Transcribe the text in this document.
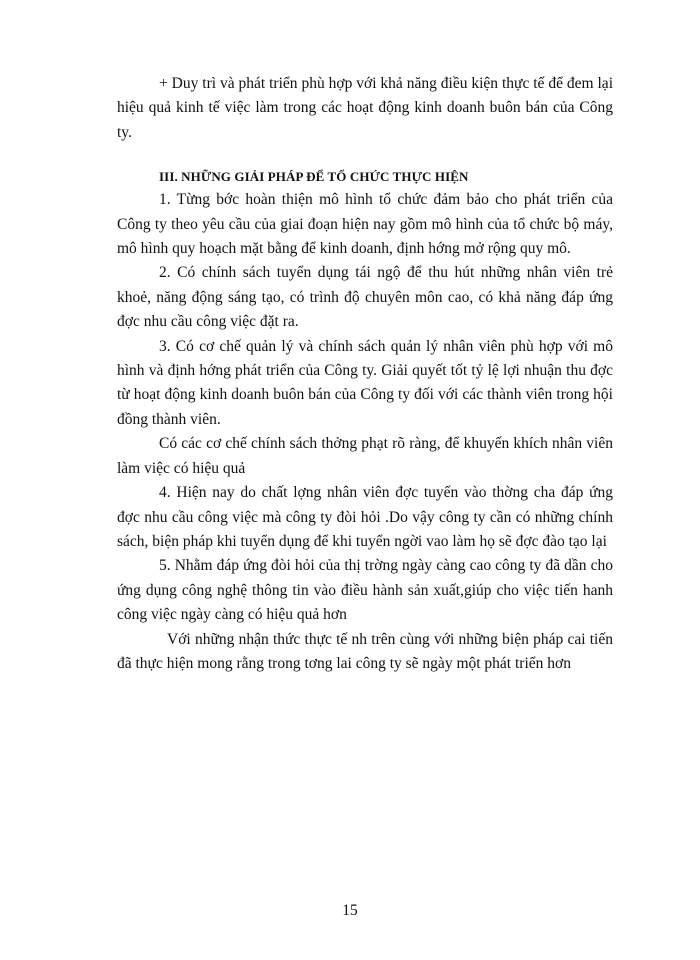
+ Duy trì và phát triển phù hợp với khả năng điều kiện thực tế để đem lại hiệu quả kinh tế việc làm trong các hoạt động kinh doanh buôn bán của Công ty.

III. NHỮNG GIẢI PHÁP ĐỂ TỔ CHỨC THỰC HIỆN

1. Từng bớc hoàn thiện mô hình tổ chức đảm bảo cho phát triển của Công ty theo yêu cầu của giai đoạn hiện nay gồm mô hình của tổ chức bộ máy, mô hình quy hoạch mặt bằng để kinh doanh, định hớng mở rộng quy mô.

2. Có chính sách tuyển dụng tái ngộ để thu hút những nhân viên trẻ khoẻ, năng động sáng tạo, có trình độ chuyên môn cao, có khả năng đáp ứng đợc nhu cầu công việc đặt ra.

3. Có cơ chế quản lý và chính sách quản lý nhân viên phù hợp với mô hình và định hớng phát triển của Công ty. Giải quyết tốt tỷ lệ lợi nhuận thu đợc từ hoạt động kinh doanh buôn bán của Công ty đối với các thành viên trong hội đồng thành viên.

Có các cơ chế chính sách thởng phạt rõ ràng, để khuyến khích nhân viên làm việc có hiệu quả

4. Hiện nay do chất lợng nhân viên đợc tuyển vào thờng cha đáp ứng đợc nhu cầu công việc mà công ty đòi hỏi .Do vậy công ty cần có những chính sách, biện pháp khi tuyển dụng để khi tuyển ngời vao làm họ sẽ đợc đào tạo lại

5. Nhằm đáp ứng đòi hỏi của thị trờng ngày càng cao công ty đã dần cho ứng dụng công nghệ thông tin vào điều hành sản xuất,giúp cho việc tiến hanh công việc ngày càng có hiệu quả hơn

Với những nhận thức thực tế nh trên cùng với những biện pháp cai tiến đã thực hiện mong rằng trong tơng lai công ty sẽ ngày một phát triển hơn

15
